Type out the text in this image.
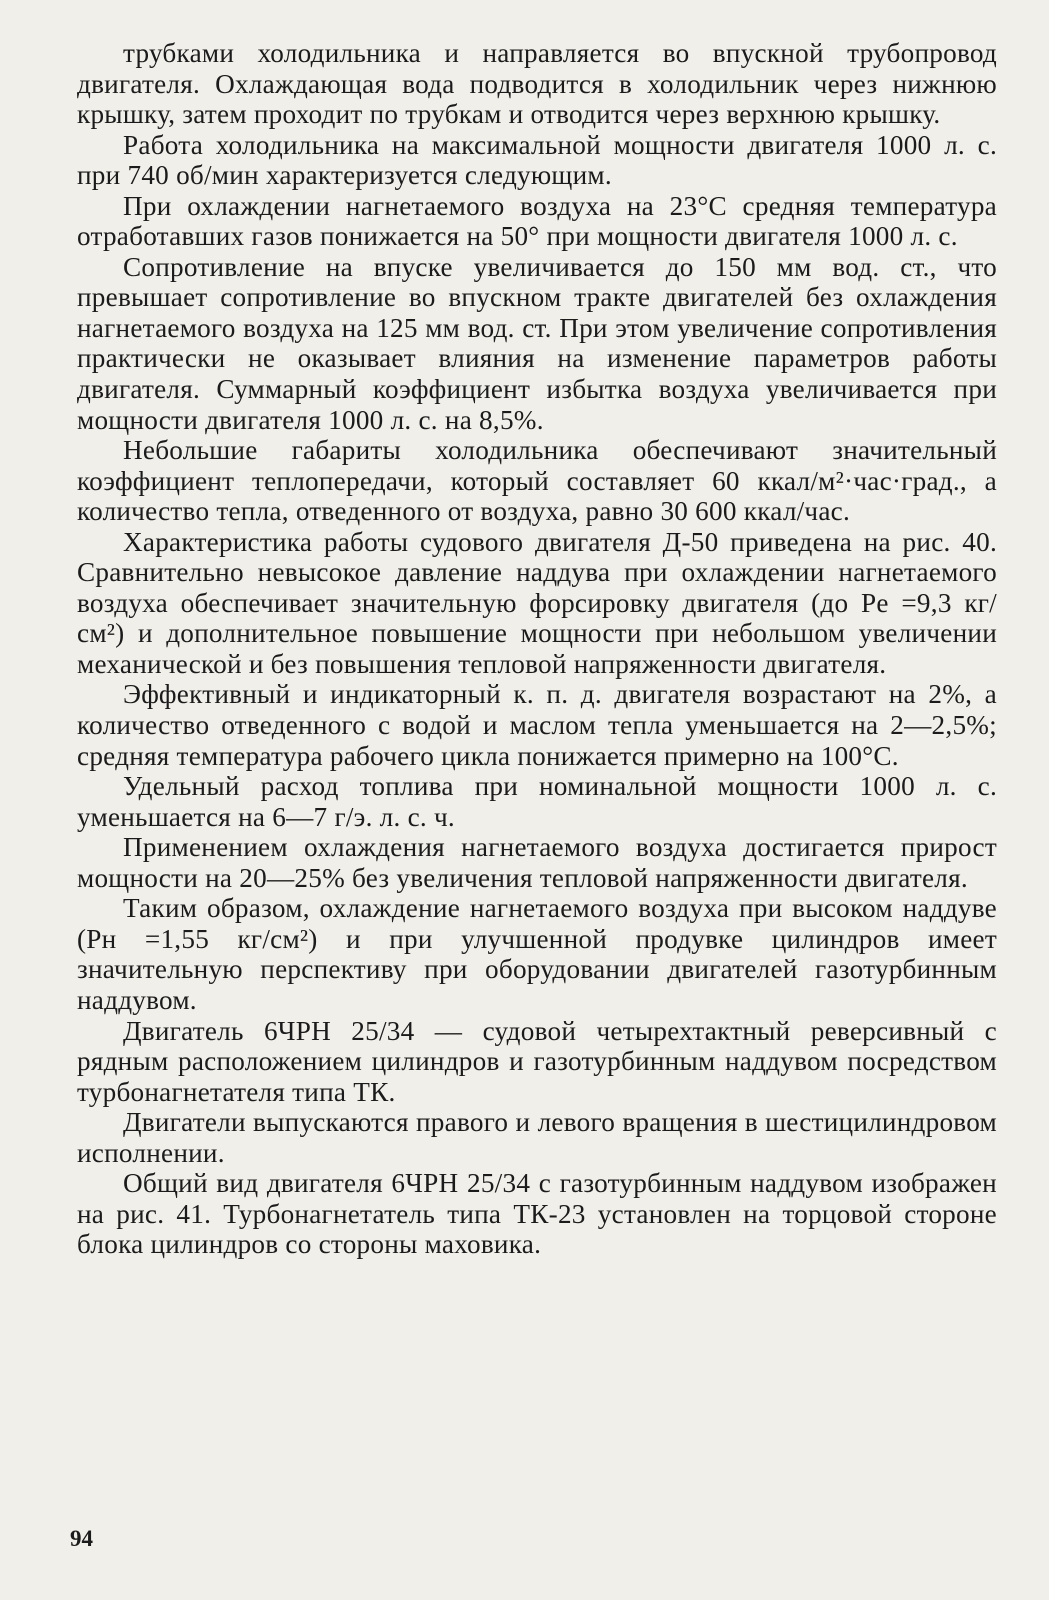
трубками холодильника и направляется во впускной трубопровод двигателя. Охлаждающая вода подводится в холодильник через нижнюю крышку, затем проходит по трубкам и отводится через верхнюю крышку.

Работа холодильника на максимальной мощности двигателя 1000 л. с. при 740 об/мин характеризуется следующим.

При охлаждении нагнетаемого воздуха на 23°С средняя температура отработавших газов понижается на 50° при мощности двигателя 1000 л. с.

Сопротивление на впуске увеличивается до 150 мм вод. ст., что превышает сопротивление во впускном тракте двигателей без охлаждения нагнетаемого воздуха на 125 мм вод. ст. При этом увеличение сопротивления практически не оказывает влияния на изменение параметров работы двигателя. Суммарный коэффициент избытка воздуха увеличивается при мощности двигателя 1000 л. с. на 8,5%.

Небольшие габариты холодильника обеспечивают значительный коэффициент теплопередачи, который составляет 60 ккал/м²·час·град., а количество тепла, отведенного от воздуха, равно 30 600 ккал/час.

Характеристика работы судового двигателя Д-50 приведена на рис. 40. Сравнительно невысокое давление наддува при охлаждении нагнетаемого воздуха обеспечивает значительную форсировку двигателя (до Pe =9,3 кг/см²) и дополнительное повышение мощности при небольшом увеличении механической и без повышения тепловой напряженности двигателя.

Эффективный и индикаторный к. п. д. двигателя возрастают на 2%, а количество отведенного с водой и маслом тепла уменьшается на 2—2,5%; средняя температура рабочего цикла понижается примерно на 100°С.

Удельный расход топлива при номинальной мощности 1000 л. с. уменьшается на 6—7 г/э. л. с. ч.

Применением охлаждения нагнетаемого воздуха достигается прирост мощности на 20—25% без увеличения тепловой напряженности двигателя.

Таким образом, охлаждение нагнетаемого воздуха при высоком наддуве (Pн =1,55 кг/см²) и при улучшенной продувке цилиндров имеет значительную перспективу при оборудовании двигателей газотурбинным наддувом.

Двигатель 6ЧРН 25/34 — судовой четырехтактный реверсивный с рядным расположением цилиндров и газотурбинным наддувом посредством турбонагнетателя типа ТК.

Двигатели выпускаются правого и левого вращения в шестицилиндровом исполнении.

Общий вид двигателя 6ЧРН 25/34 с газотурбинным наддувом изображен на рис. 41. Турбонагнетатель типа ТК-23 установлен на торцовой стороне блока цилиндров со стороны маховика.

94
